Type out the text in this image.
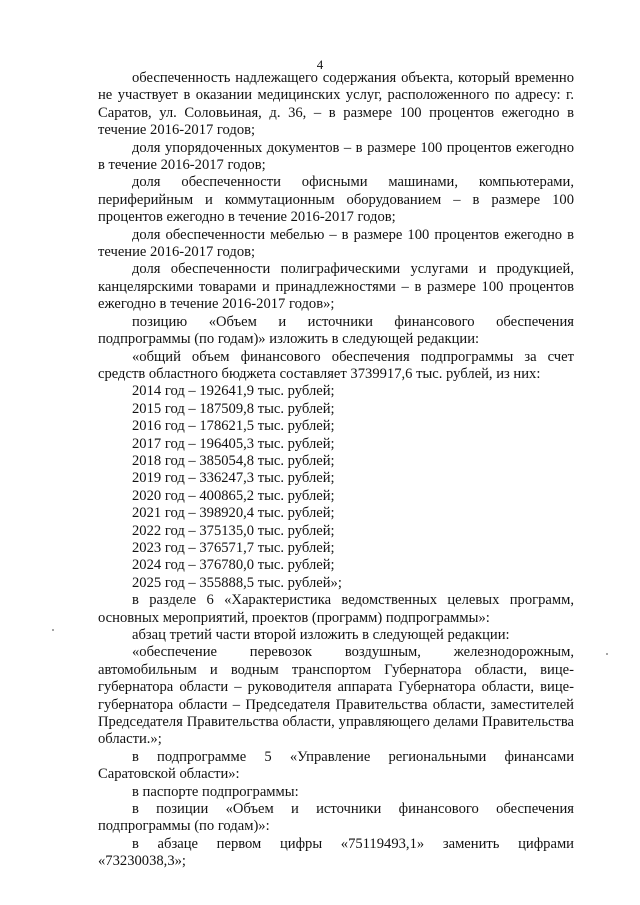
4

обеспеченность надлежащего содержания объекта, который временно не участвует в оказании медицинских услуг, расположенного по адресу: г. Саратов, ул. Соловьиная, д. 36, – в размере 100 процентов ежегодно в течение 2016-2017 годов;

доля упорядоченных документов – в размере 100 процентов ежегодно в течение 2016-2017 годов;

доля обеспеченности офисными машинами, компьютерами, периферийным и коммутационным оборудованием – в размере 100 процентов ежегодно в течение 2016-2017 годов;

доля обеспеченности мебелью – в размере 100 процентов ежегодно в течение 2016-2017 годов;

доля обеспеченности полиграфическими услугами и продукцией, канцелярскими товарами и принадлежностями – в размере 100 процентов ежегодно в течение 2016-2017 годов»;

позицию «Объем и источники финансового обеспечения подпрограммы (по годам)» изложить в следующей редакции:

«общий объем финансового обеспечения подпрограммы за счет средств областного бюджета составляет 3739917,6 тыс. рублей, из них:

2014 год – 192641,9 тыс. рублей;
2015 год – 187509,8 тыс. рублей;
2016 год – 178621,5 тыс. рублей;
2017 год – 196405,3 тыс. рублей;
2018 год – 385054,8 тыс. рублей;
2019 год – 336247,3 тыс. рублей;
2020 год – 400865,2 тыс. рублей;
2021 год – 398920,4 тыс. рублей;
2022 год – 375135,0 тыс. рублей;
2023 год – 376571,7 тыс. рублей;
2024 год – 376780,0 тыс. рублей;
2025 год – 355888,5 тыс. рублей»;

в разделе 6 «Характеристика ведомственных целевых программ, основных мероприятий, проектов (программ) подпрограммы»:

абзац третий части второй изложить в следующей редакции:

«обеспечение перевозок воздушным, железнодорожным, автомобильным и водным транспортом Губернатора области, вице-губернатора области – руководителя аппарата Губернатора области, вице-губернатора области – Председателя Правительства области, заместителей Председателя Правительства области, управляющего делами Правительства области.»;

в подпрограмме 5 «Управление региональными финансами Саратовской области»:

в паспорте подпрограммы:

в позиции «Объем и источники финансового обеспечения подпрограммы (по годам)»:

в абзаце первом цифры «75119493,1» заменить цифрами «73230038,3»;
